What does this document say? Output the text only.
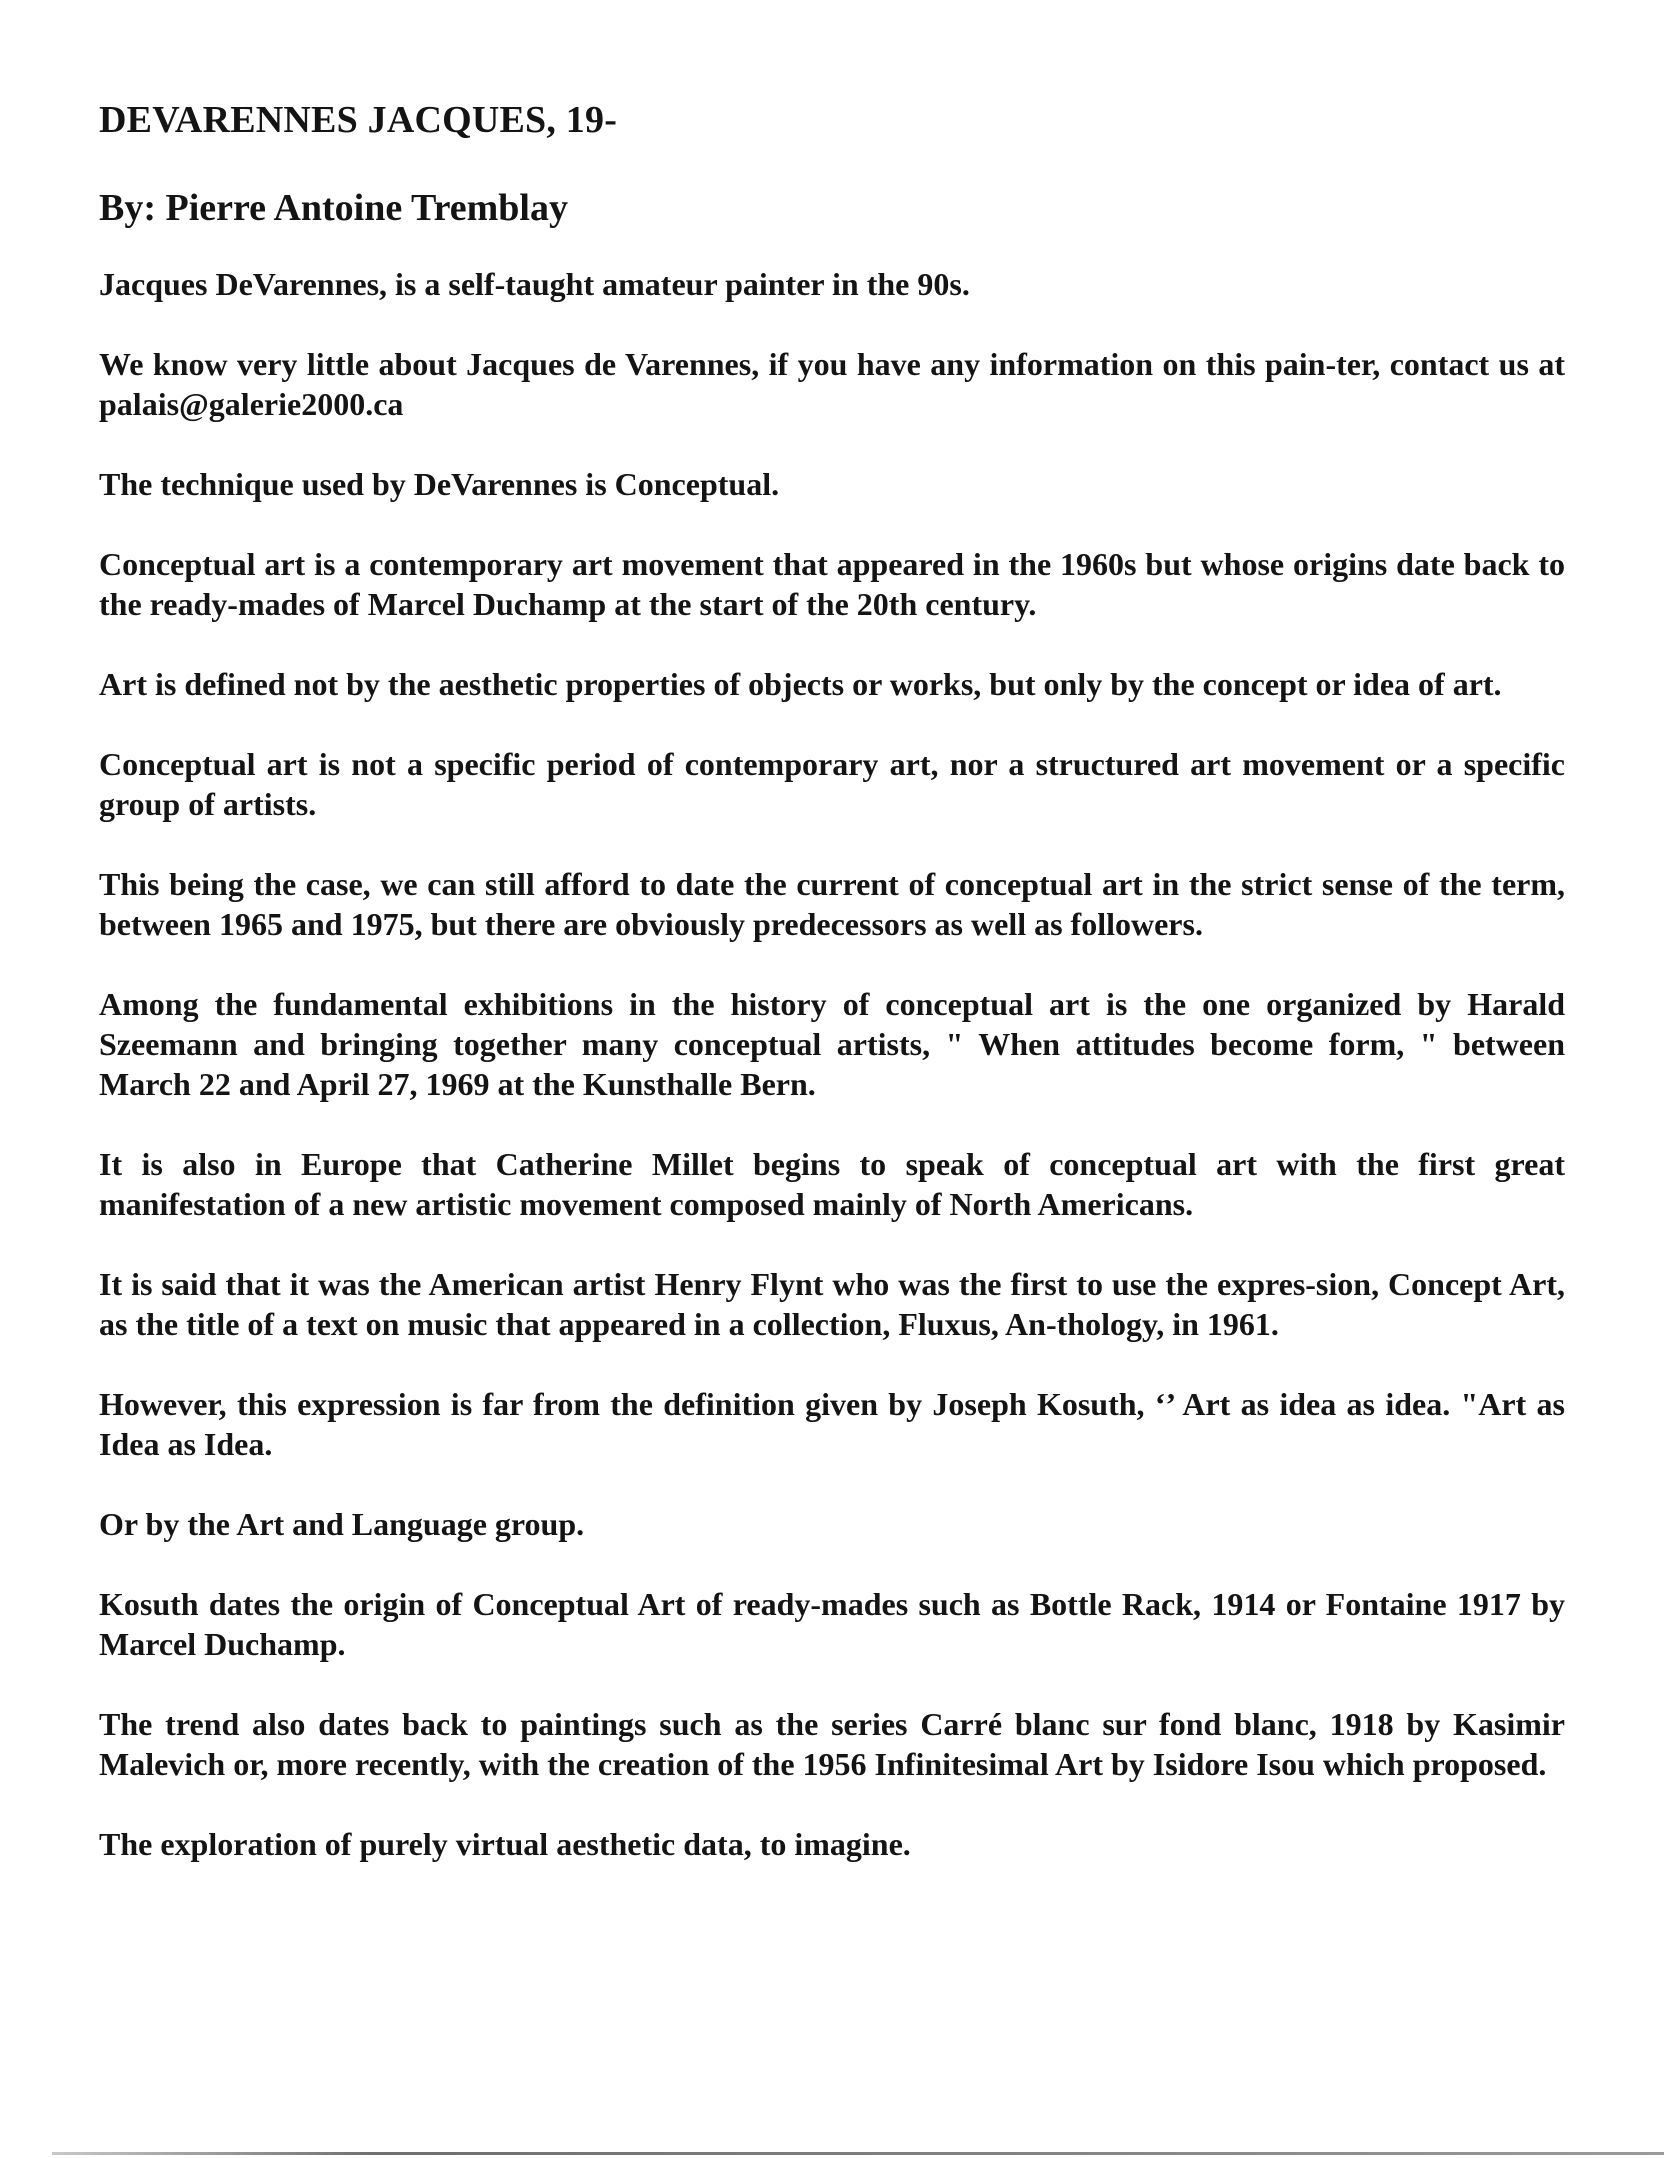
DEVARENNES JACQUES, 19-
By: Pierre Antoine Tremblay

Jacques DeVarennes, is a self-taught amateur painter in the 90s.

We know very little about Jacques de Varennes, if you have any information on this pain-ter, contact us at palais@galerie2000.ca

The technique used by DeVarennes is Conceptual.

Conceptual art is a contemporary art movement that appeared in the 1960s but whose origins date back to the ready-mades of Marcel Duchamp at the start of the 20th century.

Art is defined not by the aesthetic properties of objects or works, but only by the concept or idea of art.

Conceptual art is not a specific period of contemporary art, nor a structured art movement or a specific group of artists.

This being the case, we can still afford to date the current of conceptual art in the strict sense of the term, between 1965 and 1975, but there are obviously predecessors as well as followers.

Among the fundamental exhibitions in the history of conceptual art is the one organized by Harald Szeemann and bringing together many conceptual artists, " When attitudes become form, " between March 22 and April 27, 1969 at the Kunsthalle Bern.

It is also in Europe that Catherine Millet begins to speak of conceptual art with the first great manifestation of a new artistic movement composed mainly of North Americans.

It is said that it was the American artist Henry Flynt who was the first to use the expres-sion, Concept Art, as the title of a text on music that appeared in a collection, Fluxus, An-thology, in 1961.

However, this expression is far from the definition given by Joseph Kosuth, ‘’ Art as idea as idea. "Art as Idea as Idea.

Or by the Art and Language group.

Kosuth dates the origin of Conceptual Art of ready-mades such as Bottle Rack, 1914 or Fontaine 1917 by Marcel Duchamp.

The trend also dates back to paintings such as the series Carré blanc sur fond blanc, 1918 by Kasimir Malevich or, more recently, with the creation of the 1956 Infinitesimal Art by Isidore Isou which proposed.

The exploration of purely virtual aesthetic data, to imagine.
